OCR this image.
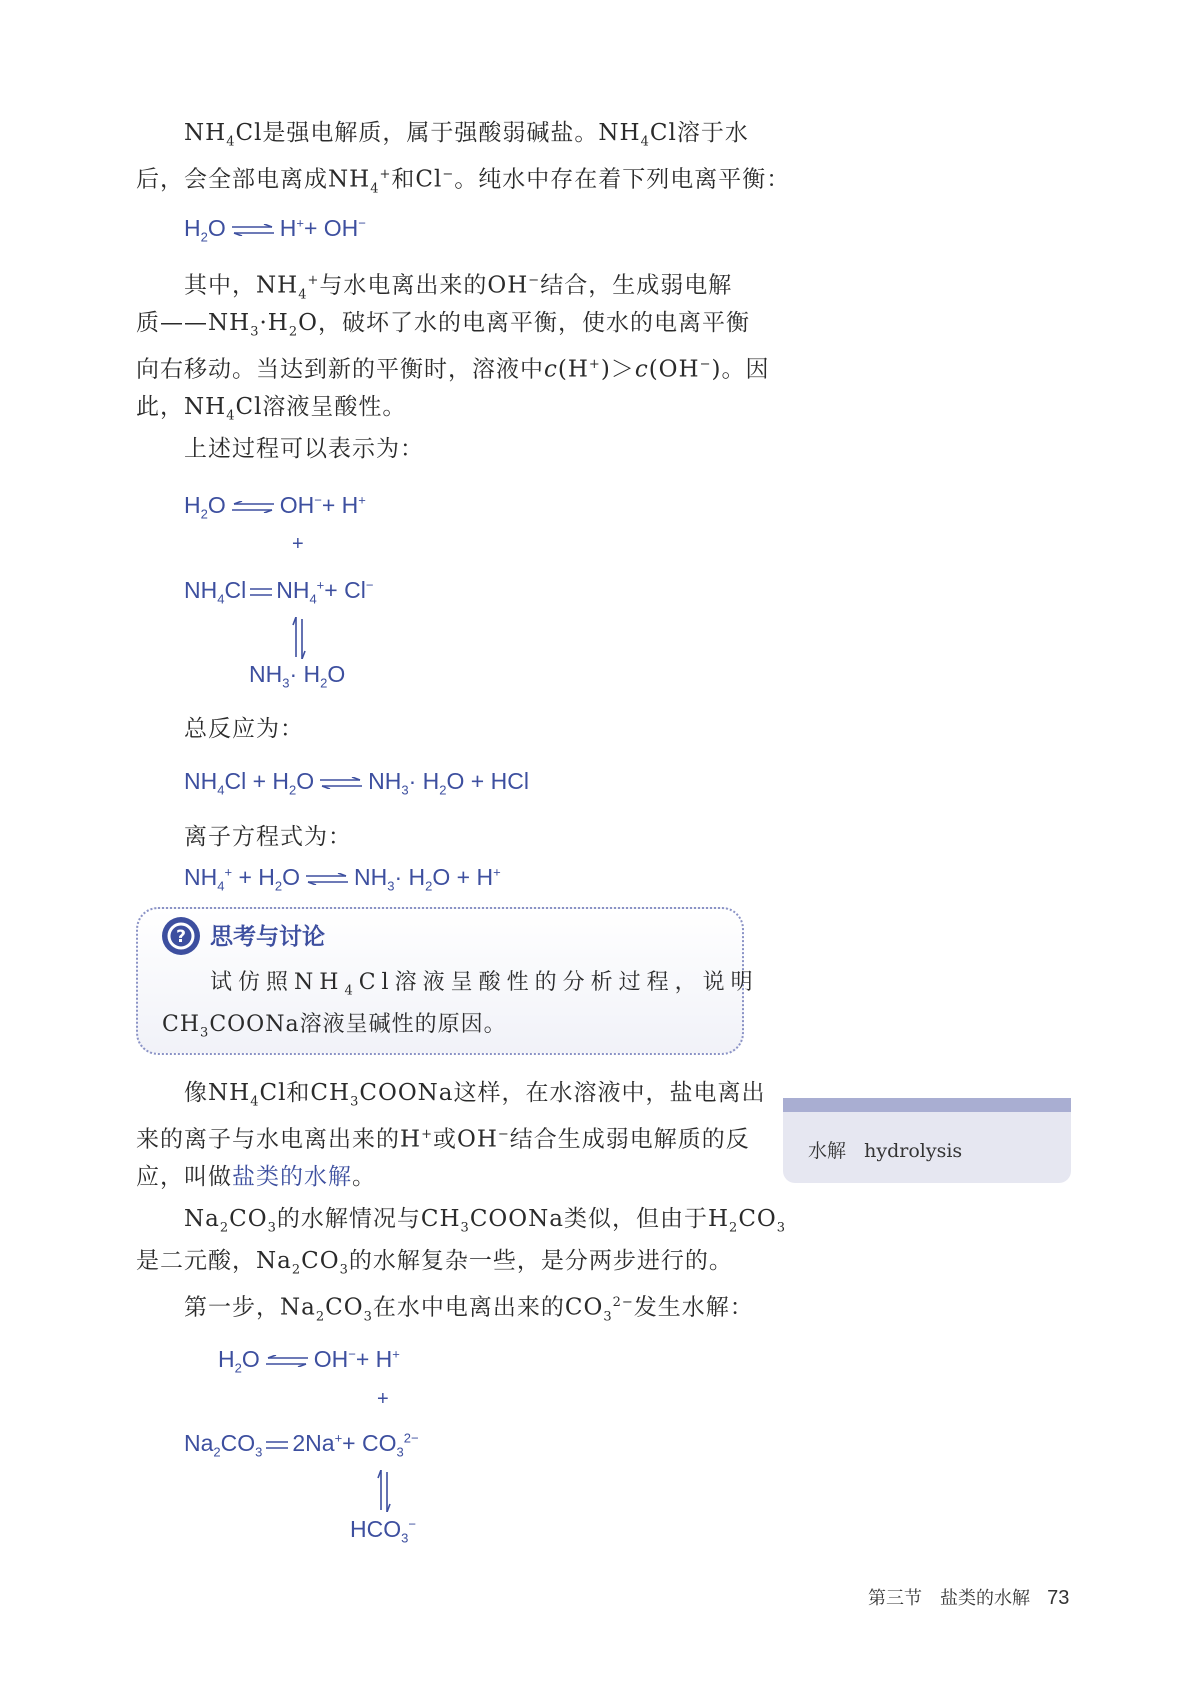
$NH_4Cl$是强电解质，属于强酸弱碱盐。$NH_4Cl$溶于水
后，会全部电离成$NH_4^+$和Cl−。纯水中存在着下列电离平衡：
$H_2O$ ⇌ H++ OH−
其中，$NH_4^+$与水电离出来的OH−结合，生成弱电解
质$——NH_3\cdot H_2O$，破坏了水的电离平衡，使水的电离平衡
向右移动。当达到新的平衡时，溶液中c(H+)＞c(OH−)。因
此，$NH_4Cl$溶液呈酸性。
上述过程可以表示为：
$H_2O$ ⇌ OH−+ H+
+
$NH_4Cl$ $NH_4^++ Cl^-$
$NH_3\cdot H_2O$
总反应为：
$NH_4Cl + H_2O$ ⇌ $NH_3\cdot H_2O$ + HCl
离子方程式为：
$NH_4^+ + H_2O$ ⇌ $NH_3\cdot H_2O + H^+$
? 思考与讨论
试仿照$NH_4Cl$溶液呈酸性的分析过程，说明
$CH_3COONa$溶液呈碱性的原因。
像$NH_4Cl$和$CH_3COONa$这样，在水溶液中，盐电离出
来的离子与水电离出来的H+或OH−结合生成弱电解质的反
应，叫做盐类的水解。
水解 hydrolysis
$Na_2CO_3$的水解情况与$CH_3COONa$类似，但由于$H_2CO_3$
是二元酸，$Na_2CO_3$的水解复杂一些，是分两步进行的。
第一步，$Na_2CO_3$在水中电离出来的$CO_3^{2-}$发生水解：
$H_2O$ ⇌ OH−+ H+
+
$Na_2CO_3$ $2Na^++ CO_3^{2-}$
$HCO_3^-$
第三节　盐类的水解 73
